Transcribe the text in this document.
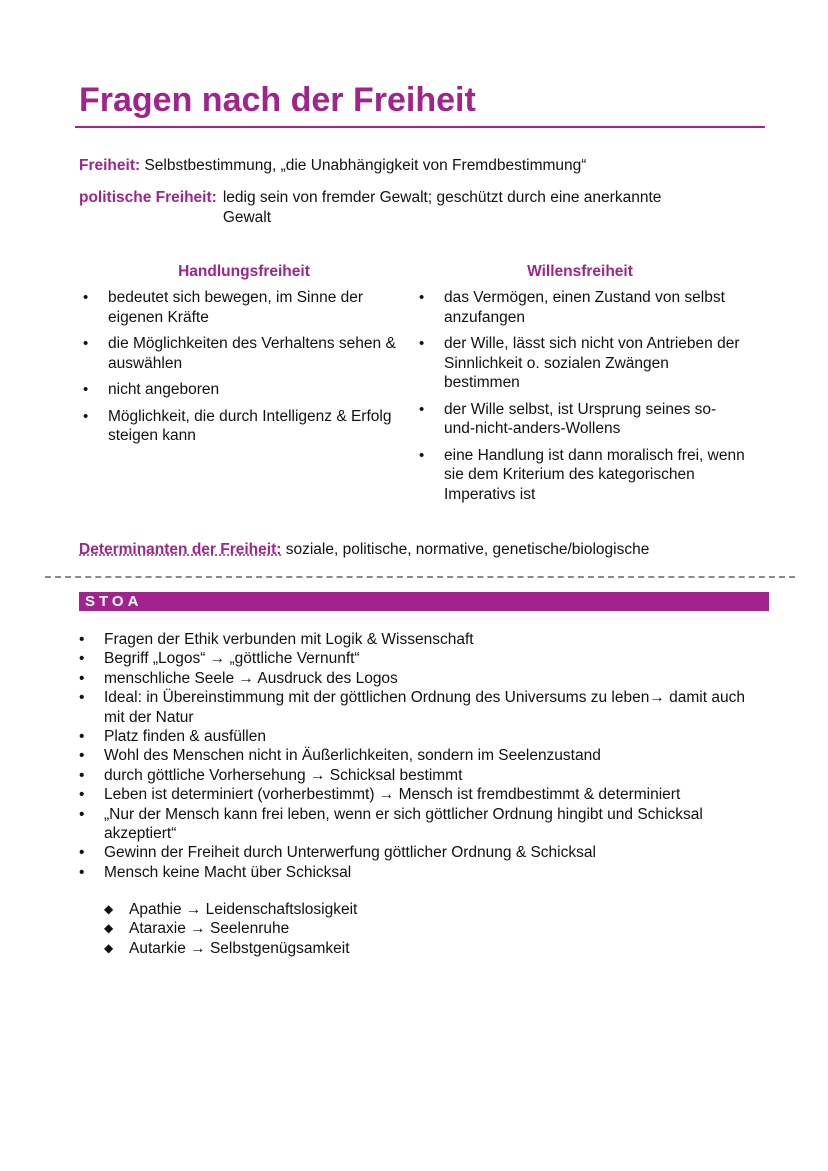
Fragen nach der Freiheit
Freiheit: Selbstbestimmung, „die Unabhängigkeit von Fremdbestimmung“
politische Freiheit: ledig sein von fremder Gewalt; geschützt durch eine anerkannte Gewalt
Handlungsfreiheit
• bedeutet sich bewegen, im Sinne der eigenen Kräfte
• die Möglichkeiten des Verhaltens sehen & auswählen
• nicht angeboren
• Möglichkeit, die durch Intelligenz & Erfolg steigen kann
Willensfreiheit
• das Vermögen, einen Zustand von selbst anzufangen
• der Wille, lässt sich nicht von Antrieben der Sinnlichkeit o. sozialen Zwängen bestimmen
• der Wille selbst, ist Ursprung seines so-und-nicht-anders-Wollens
• eine Handlung ist dann moralisch frei, wenn sie dem Kriterium des kategorischen Imperativs ist
Determinanten der Freiheit: soziale, politische, normative, genetische/biologische
STOA
• Fragen der Ethik verbunden mit Logik & Wissenschaft
• Begriff „Logos“ → „göttliche Vernunft“
• menschliche Seele → Ausdruck des Logos
• Ideal: in Übereinstimmung mit der göttlichen Ordnung des Universums zu leben→ damit auch mit der Natur
• Platz finden & ausfüllen
• Wohl des Menschen nicht in Äußerlichkeiten, sondern im Seelenzustand
• durch göttliche Vorhersehung → Schicksal bestimmt
• Leben ist determiniert (vorherbestimmt) → Mensch ist fremdbestimmt & determiniert
• „Nur der Mensch kann frei leben, wenn er sich göttlicher Ordnung hingibt und Schicksal akzeptiert“
• Gewinn der Freiheit durch Unterwerfung göttlicher Ordnung & Schicksal
• Mensch keine Macht über Schicksal
◆ Apathie → Leidenschaftslosigkeit
◆ Ataraxie → Seelenruhe
◆ Autarkie → Selbstgenügsamkeit
